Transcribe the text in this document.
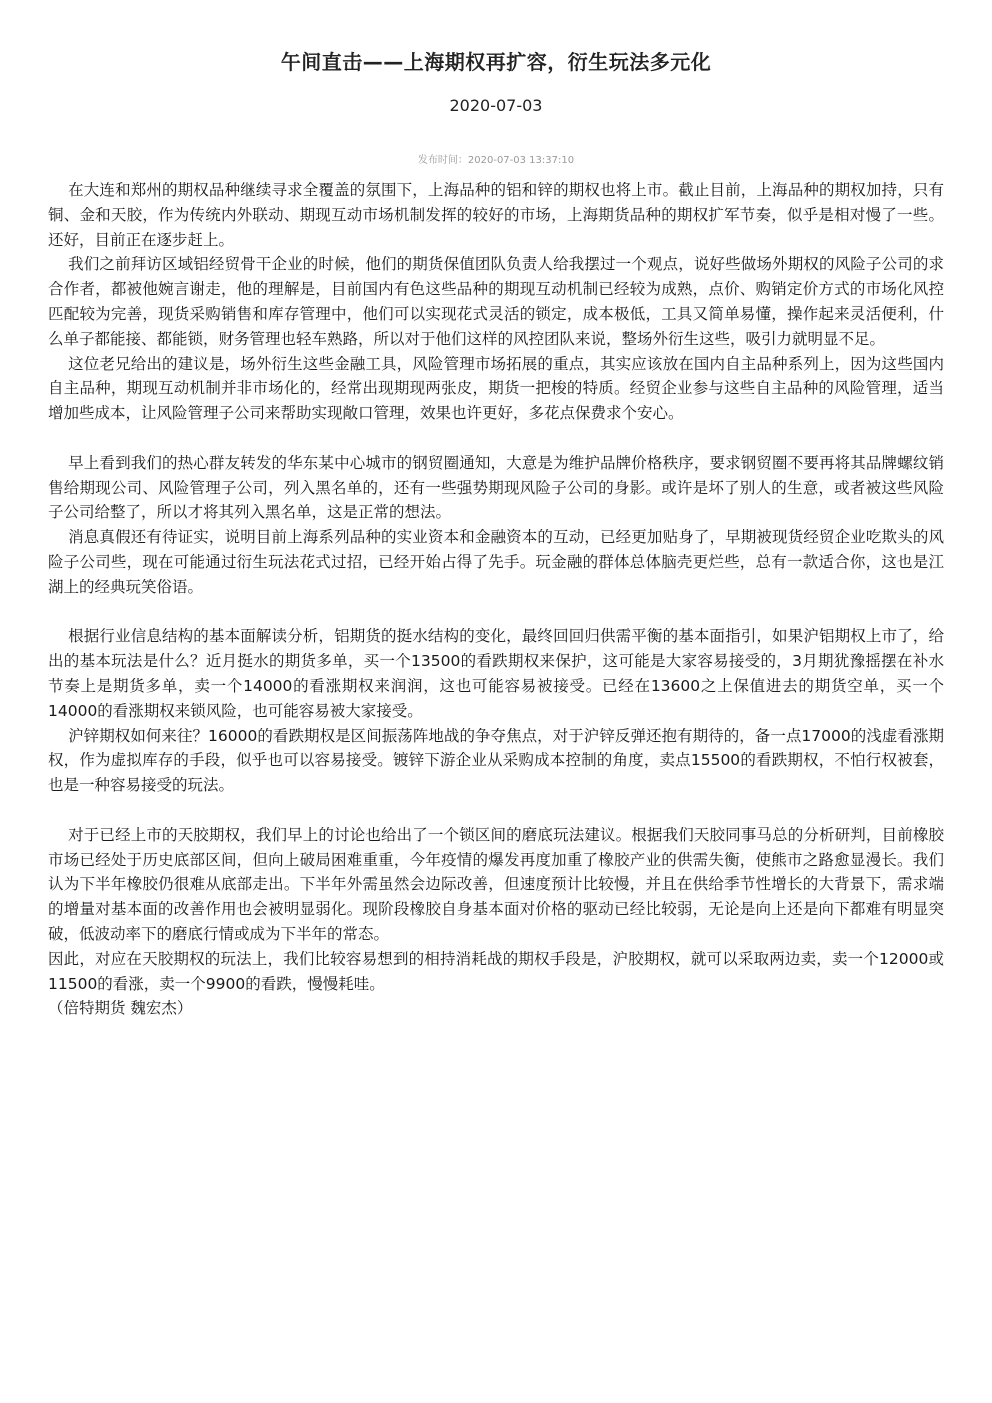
午间直击——上海期权再扩容，衍生玩法多元化
2020-07-03
发布时间：2020-07-03 13:37:10

在大连和郑州的期权品种继续寻求全覆盖的氛围下，上海品种的铝和锌的期权也将上市。截止目前，上海品种的期权加持，只有铜、金和天胶，作为传统内外联动、期现互动市场机制发挥的较好的市场，上海期货品种的期权扩军节奏，似乎是相对慢了一些。还好，目前正在逐步赶上。

我们之前拜访区域铝经贸骨干企业的时候，他们的期货保值团队负责人给我摆过一个观点，说好些做场外期权的风险子公司的求合作者，都被他婉言谢走，他的理解是，目前国内有色这些品种的期现互动机制已经较为成熟，点价、购销定价方式的市场化风控匹配较为完善，现货采购销售和库存管理中，他们可以实现花式灵活的锁定，成本极低，工具又简单易懂，操作起来灵活便利，什么单子都能接、都能锁，财务管理也轻车熟路，所以对于他们这样的风控团队来说，整场外衍生这些，吸引力就明显不足。

这位老兄给出的建议是，场外衍生这些金融工具，风险管理市场拓展的重点，其实应该放在国内自主品种系列上，因为这些国内自主品种，期现互动机制并非市场化的，经常出现期现两张皮，期货一把梭的特质。经贸企业参与这些自主品种的风险管理，适当增加些成本，让风险管理子公司来帮助实现敞口管理，效果也许更好，多花点保费求个安心。

早上看到我们的热心群友转发的华东某中心城市的钢贸圈通知，大意是为维护品牌价格秩序，要求钢贸圈不要再将其品牌螺纹销售给期现公司、风险管理子公司，列入黑名单的，还有一些强势期现风险子公司的身影。或许是坏了别人的生意，或者被这些风险子公司给整了，所以才将其列入黑名单，这是正常的想法。

消息真假还有待证实，说明目前上海系列品种的实业资本和金融资本的互动，已经更加贴身了，早期被现货经贸企业吃欺头的风险子公司些，现在可能通过衍生玩法花式过招，已经开始占得了先手。玩金融的群体总体脑壳更烂些，总有一款适合你，这也是江湖上的经典玩笑俗语。

根据行业信息结构的基本面解读分析，铝期货的挺水结构的变化，最终回回归供需平衡的基本面指引，如果沪铝期权上市了，给出的基本玩法是什么？近月挺水的期货多单，买一个13500的看跌期权来保护，这可能是大家容易接受的，3月期犹豫摇摆在补水节奏上是期货多单，卖一个14000的看涨期权来润润，这也可能容易被接受。已经在13600之上保值进去的期货空单，买一个14000的看涨期权来锁风险，也可能容易被大家接受。

沪锌期权如何来往？16000的看跌期权是区间振荡阵地战的争夺焦点，对于沪锌反弹还抱有期待的，备一点17000的浅虚看涨期权，作为虚拟库存的手段，似乎也可以容易接受。镀锌下游企业从采购成本控制的角度，卖点15500的看跌期权，不怕行权被套，也是一种容易接受的玩法。

对于已经上市的天胶期权，我们早上的讨论也给出了一个锁区间的磨底玩法建议。根据我们天胶同事马总的分析研判，目前橡胶市场已经处于历史底部区间，但向上破局困难重重，今年疫情的爆发再度加重了橡胶产业的供需失衡，使熊市之路愈显漫长。我们认为下半年橡胶仍很难从底部走出。下半年外需虽然会边际改善，但速度预计比较慢，并且在供给季节性增长的大背景下，需求端的增量对基本面的改善作用也会被明显弱化。现阶段橡胶自身基本面对价格的驱动已经比较弱，无论是向上还是向下都难有明显突破，低波动率下的磨底行情或成为下半年的常态。

因此，对应在天胶期权的玩法上，我们比较容易想到的相持消耗战的期权手段是，沪胶期权，就可以采取两边卖，卖一个12000或11500的看涨，卖一个9900的看跌，慢慢耗哇。

（倍特期货 魏宏杰）
